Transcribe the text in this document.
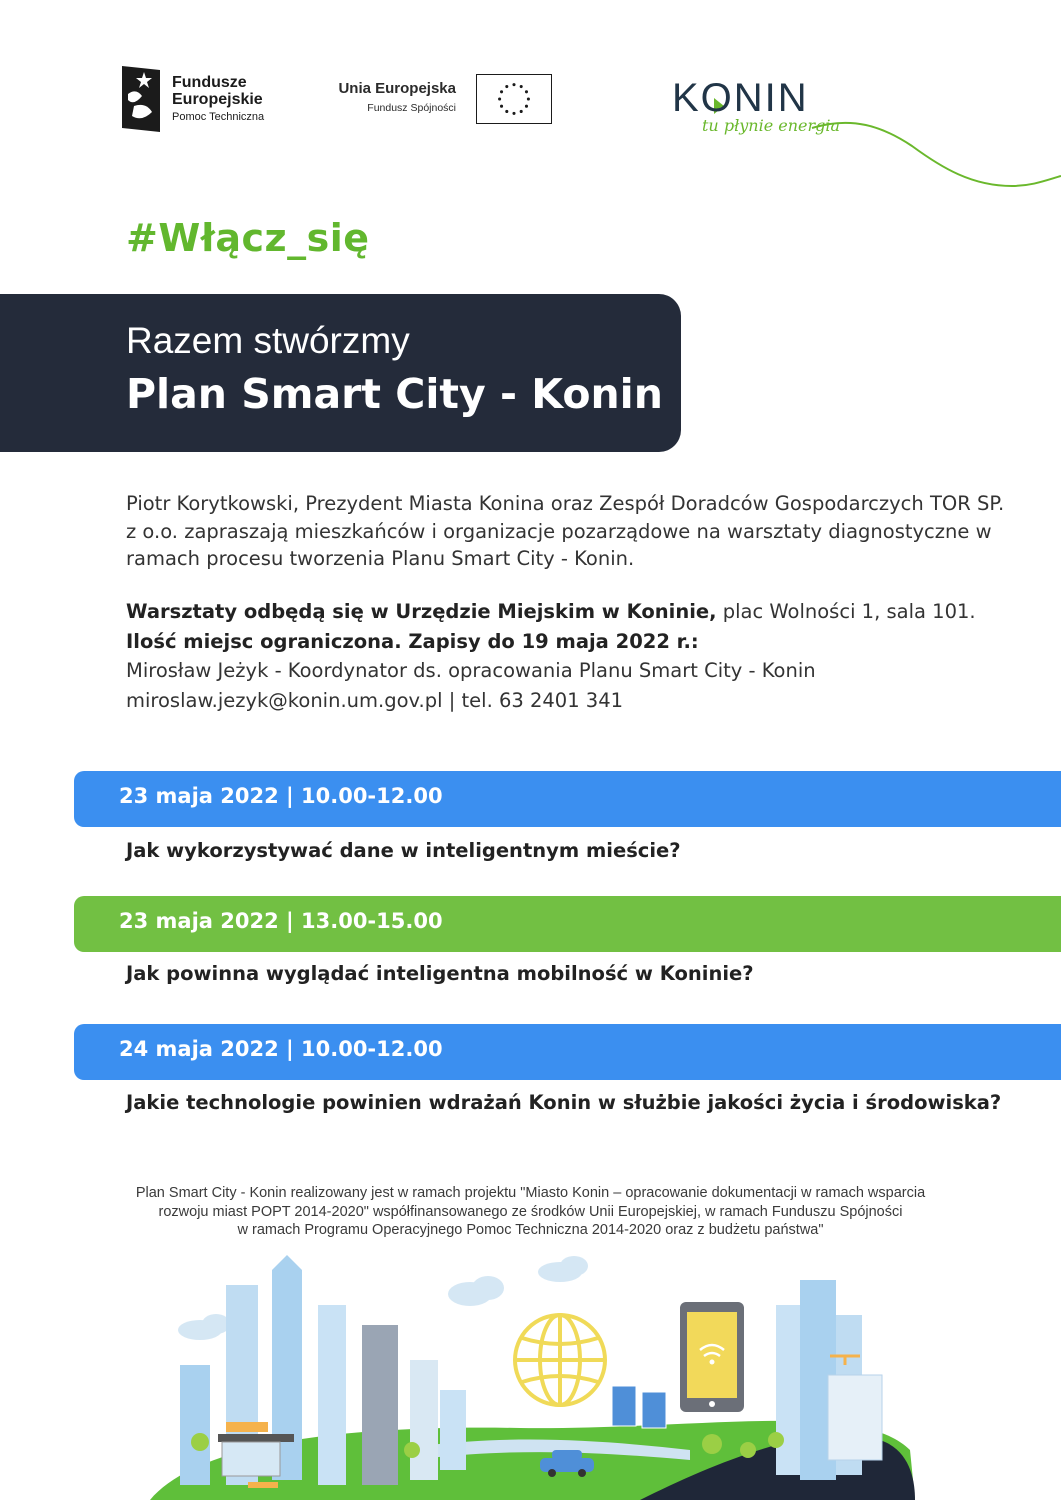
Fundusze
Europejskie
Pomoc Techniczna
Unia Europejska
Fundusz Spójności	KONIN
tu płynie energia
#Włącz_się
Razem stwórzmy
Plan Smart City - Konin
Piotr Korytkowski, Prezydent Miasta Konina oraz Zespół Doradców Gospodarczych TOR SP. z o.o. zapraszają mieszkańców i organizacje pozarządowe na warsztaty diagnostyczne w ramach procesu tworzenia Planu Smart City - Konin.
Warsztaty odbędą się w Urzędzie Miejskim w Koninie, plac Wolności 1, sala 101.
Ilość miejsc ograniczona. Zapisy do 19 maja 2022 r.:
Mirosław Jeżyk - Koordynator ds. opracowania Planu Smart City - Konin
miroslaw.jezyk@konin.um.gov.pl | tel. 63 2401 341
23 maja 2022 | 10.00-12.00
Jak wykorzystywać dane w inteligentnym mieście?
23 maja 2022 | 13.00-15.00
Jak powinna wyglądać inteligentna mobilność w Koninie?
24 maja 2022 | 10.00-12.00
Jakie technologie powinien wdrażań Konin w służbie jakości życia i środowiska?
Plan Smart City - Konin realizowany jest w ramach projektu "Miasto Konin – opracowanie dokumentacji w ramach wsparcia
rozwoju miast POPT 2014-2020" współfinansowanego ze środków Unii Europejskiej, w ramach Funduszu Spójności
w ramach Programu Operacyjnego Pomoc Techniczna 2014-2020 oraz z budżetu państwa"
